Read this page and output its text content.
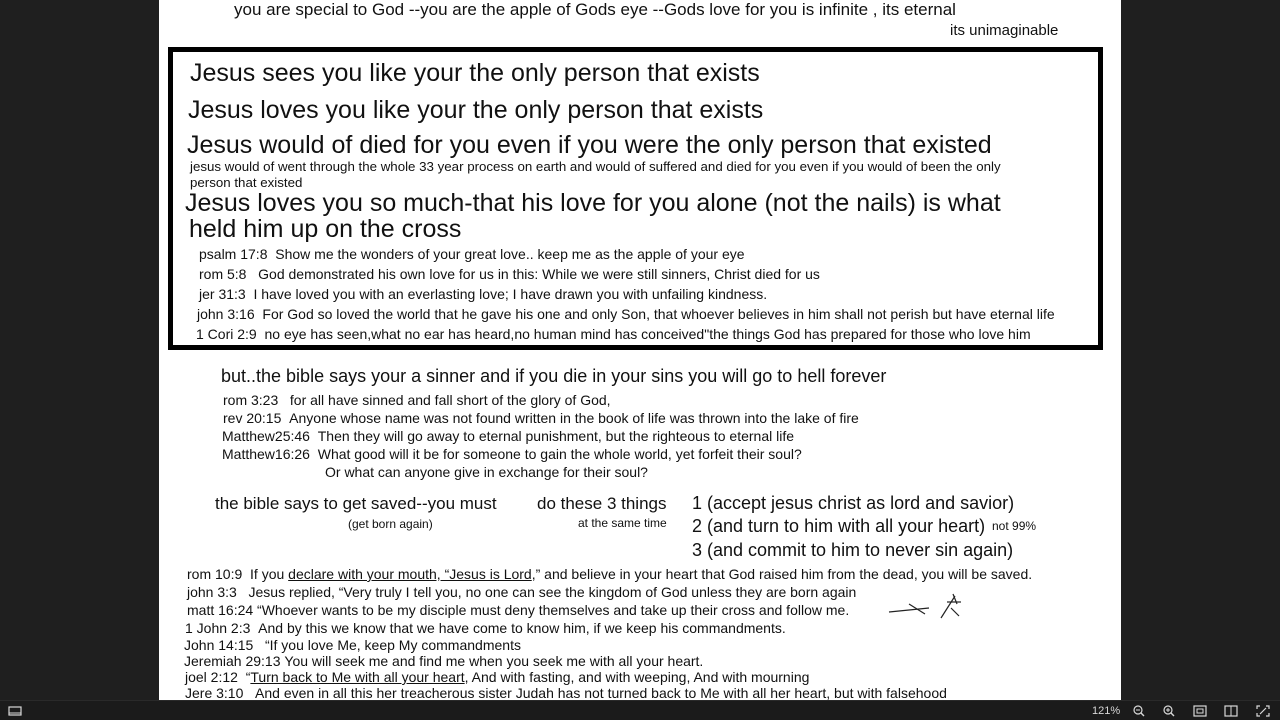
you are special to God --you are the apple of Gods eye --Gods love for you is infinite , its eternal
its unimaginable
Jesus sees you like your the only person that exists
Jesus loves you like your the only person that exists
Jesus would of died for you even if you were the only person that existed
jesus would of went through the whole 33 year process on earth and would of suffered and died for you even if you would of been the only
person that existed
Jesus loves you so much-that his love for you alone (not the nails) is what
held him up on the cross
psalm 17:8 Show me the wonders of your great love.. keep me as the apple of your eye
rom 5:8 God demonstrated his own love for us in this: While we were still sinners, Christ died for us
jer 31:3 I have loved you with an everlasting love; I have drawn you with unfailing kindness.
john 3:16 For God so loved the world that he gave his one and only Son, that whoever believes in him shall not perish but have eternal life
1 Cori 2:9 no eye has seen,what no ear has heard,no human mind has conceived"the things God has prepared for those who love him
but..the bible says your a sinner and if you die in your sins you will go to hell forever
rom 3:23 for all have sinned and fall short of the glory of God,
rev 20:15 Anyone whose name was not found written in the book of life was thrown into the lake of fire
Matthew25:46 Then they will go away to eternal punishment, but the righteous to eternal life
Matthew16:26 What good will it be for someone to gain the whole world, yet forfeit their soul?
Or what can anyone give in exchange for their soul?
the bible says to get saved--you must do these 3 things
(get born again)	at the same time
1 (accept jesus christ as lord and savior)
2 (and turn to him with all your heart) not 99%
3 (and commit to him to never sin again)
rom 10:9 If you declare with your mouth, “Jesus is Lord,” and believe in your heart that God raised him from the dead, you will be saved.
john 3:3 Jesus replied, “Very truly I tell you, no one can see the kingdom of God unless they are born again
matt 16:24 “Whoever wants to be my disciple must deny themselves and take up their cross and follow me.
1 John 2:3 And by this we know that we have come to know him, if we keep his commandments.
John 14:15 “If you love Me, keep My commandments
Jeremiah 29:13 You will seek me and find me when you seek me with all your heart.
joel 2:12 “Turn back to Me with all your heart, And with fasting, and with weeping, And with mourning
Jere 3:10 And even in all this her treacherous sister Judah has not turned back to Me with all her heart, but with falsehood
121%
